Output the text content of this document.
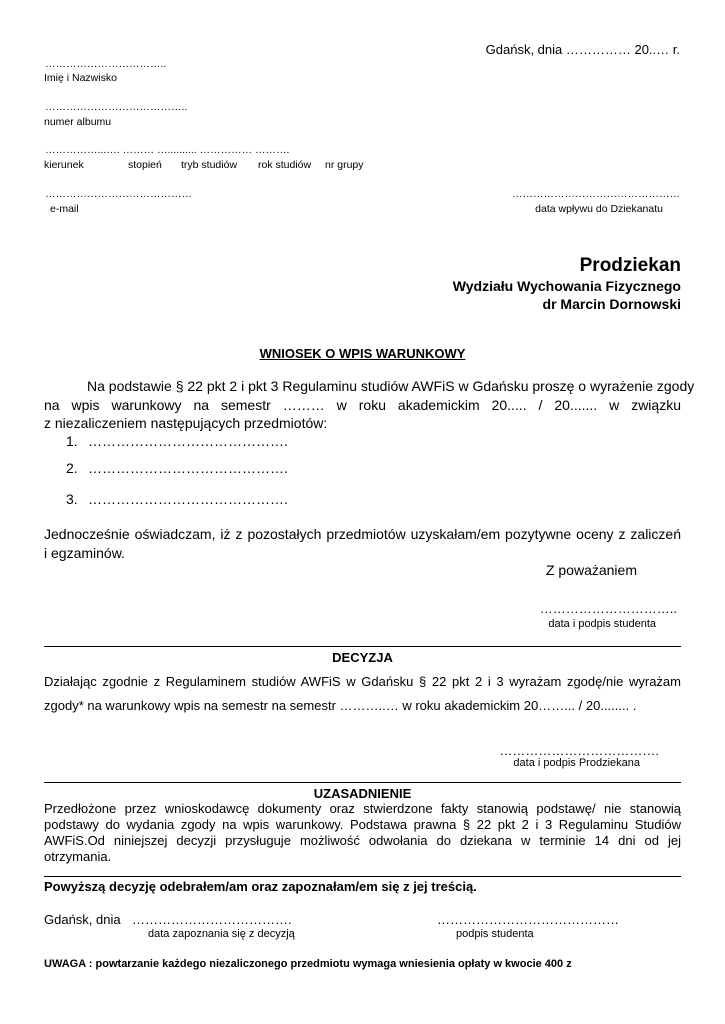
Gdańsk, dnia …………… 20..… r.
……………………………..
Imię i Nazwisko
…………………………………..
numer albumu
……………...…. ……… ….......... …………… ……….
kierunek	stopień tryb studiów rok studiów nr grupy
……………………………………
e-mail
…………………………………………
data wpływu do Dziekanatu
Prodziekan
Wydziału Wychowania Fizycznego
dr Marcin Dornowski
WNIOSEK O WPIS WARUNKOWY
Na podstawie § 22 pkt 2 i pkt 3 Regulaminu studiów AWFiS w Gdańsku proszę o wyrażenie zgody
na wpis warunkowy na semestr ……… w roku akademickim 20..... / 20....... w związku
z niezaliczeniem następujących przedmiotów:
1. …………………………………….
2. …………………………………….
3. …………………………………….
Jednocześnie oświadczam, iż z pozostałych przedmiotów uzyskałam/em pozytywne oceny z zaliczeń
i egzaminów.
Z poważaniem
…………………………..
data i podpis studenta
DECYZJA
Działając zgodnie z Regulaminem studiów AWFiS w Gdańsku § 22 pkt 2 i 3 wyrażam zgodę/nie wyrażam
zgody* na warunkowy wpis na semestr na semestr ………..… w roku akademickim 20……... / 20........ .
……………………………….
data i podpis Prodziekana
UZASADNIENIE
Przedłożone przez wnioskodawcę dokumenty oraz stwierdzone fakty stanowią podstawę/ nie stanowią podstawy do wydania zgody na wpis warunkowy. Podstawa prawna § 22 pkt 2 i 3 Regulaminu Studiów AWFiS.Od niniejszej decyzji przysługuje możliwość odwołania do dziekana w terminie 14 dni od jej otrzymania.
Powyższą decyzję odebrałem/am oraz zapoznałam/em się z jej treścią.
Gdańsk, dnia ……………………………….
data zapoznania się z decyzją
……………………………………
podpis studenta
UWAGA : powtarzanie każdego niezaliczonego przedmiotu wymaga wniesienia opłaty w kwocie 400 z
